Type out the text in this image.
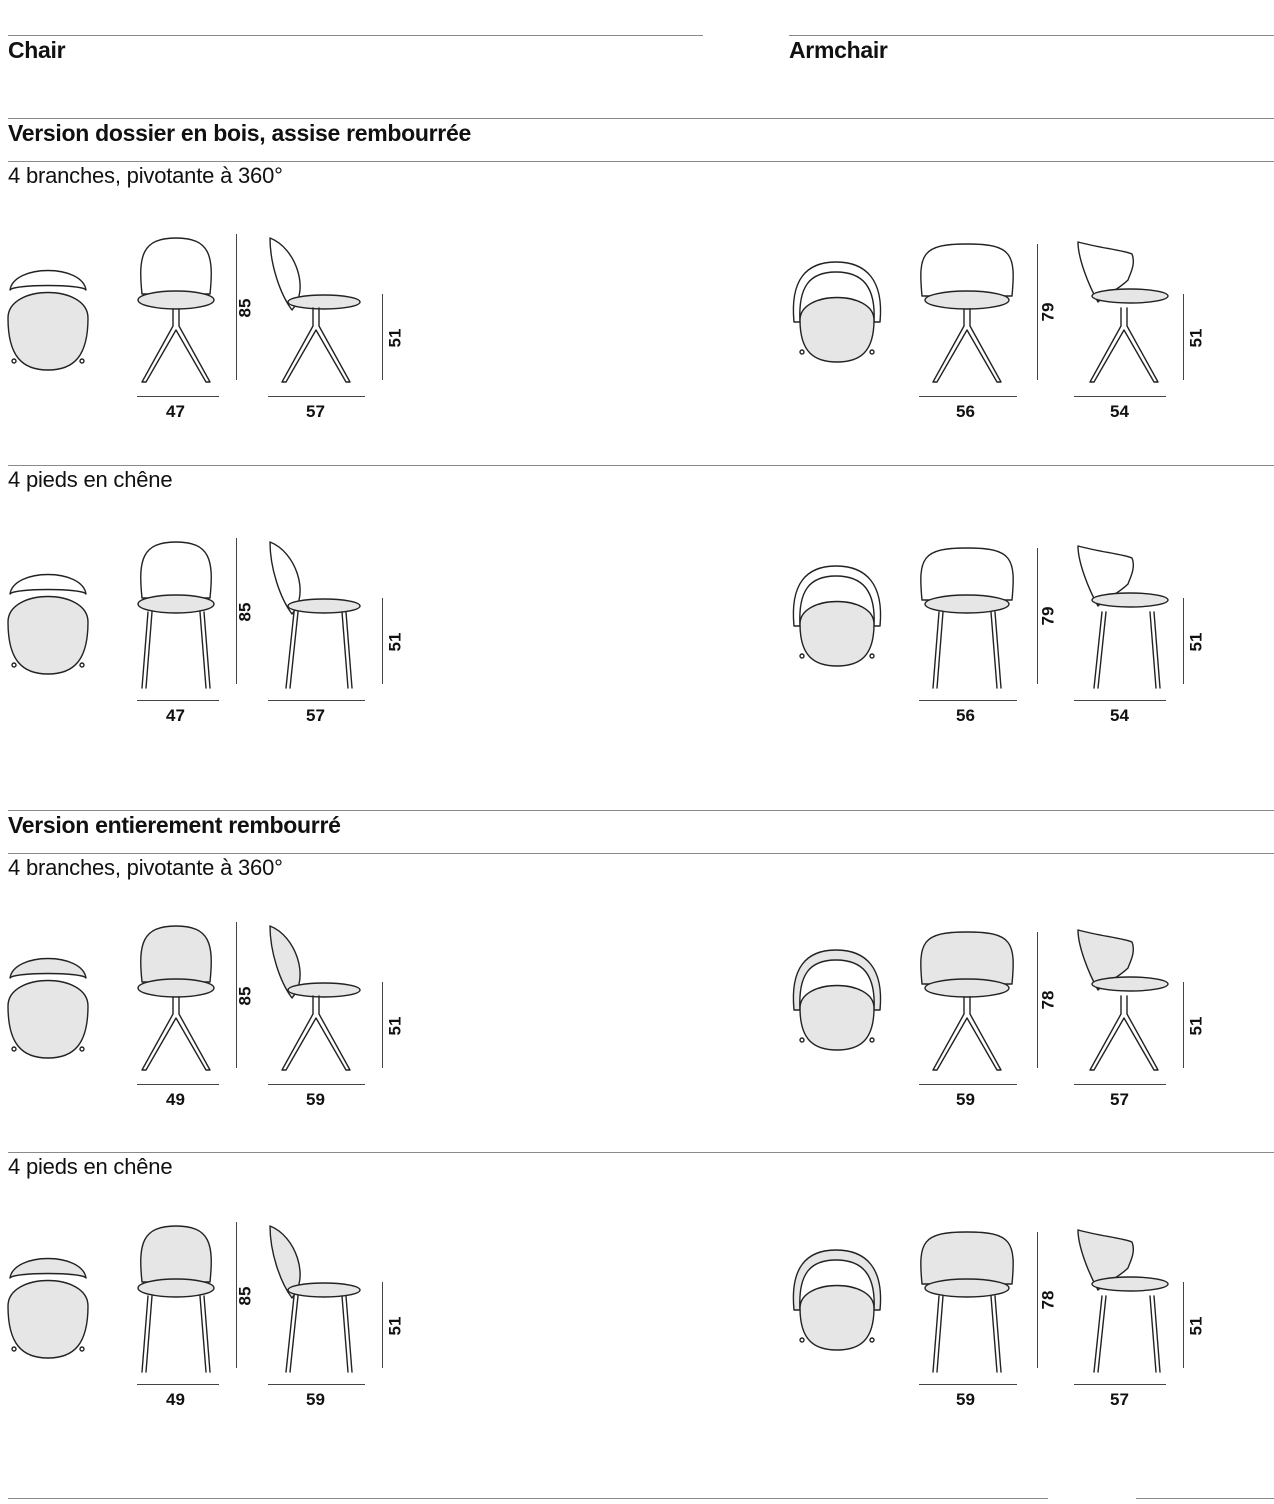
Chair	Armchair
Version dossier en bois, assise rembourrée
4 branches, pivotante à 360°
4 pieds en chêne
Version entierement rembourré
4 branches, pivotante à 360°
4 pieds en chêne
85
51
47	57
79
51
56	54
85
51
47	57
79
51
56	54
85
51
49	59
78
51
59	57
85
51
49	59
78
51
59	57
